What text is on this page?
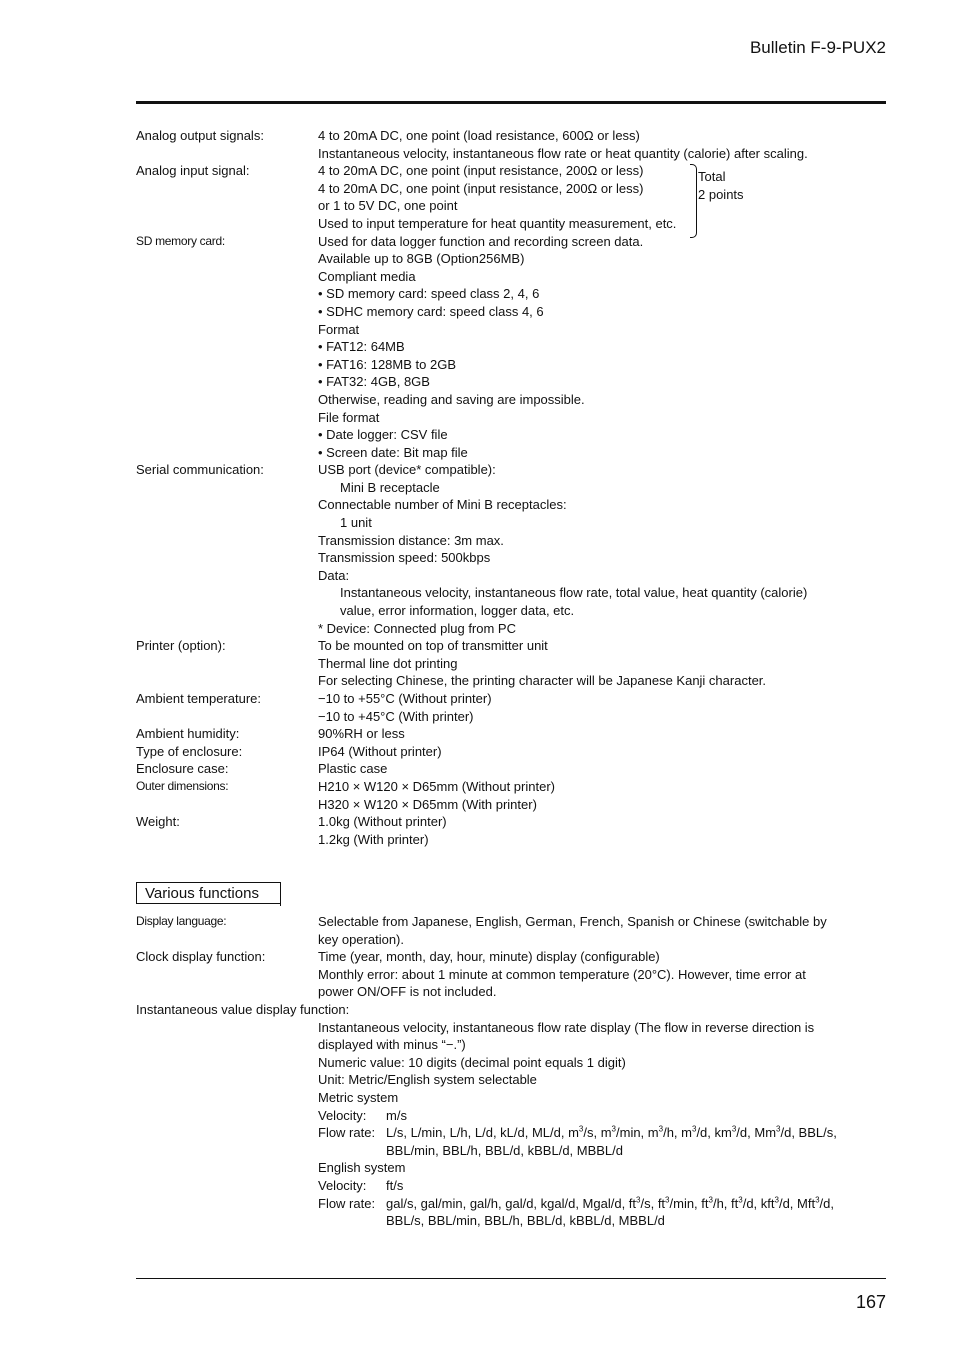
Bulletin F-9-PUX2
Analog output signals:	4 to 20mA DC, one point (load resistance, 600Ω or less)
Instantaneous velocity, instantaneous flow rate or heat quantity (calorie) after scaling.
Analog input signal:	4 to 20mA DC, one point (input resistance, 200Ω or less)
4 to 20mA DC, one point (input resistance, 200Ω or less)
or 1 to 5V DC, one point
Used to input temperature for heat quantity measurement, etc.
SD memory card:	Used for data logger function and recording screen data.
Available up to 8GB (Option256MB)
Compliant media
• SD memory card: speed class 2, 4, 6
• SDHC memory card: speed class 4, 6
Format
• FAT12: 64MB
• FAT16: 128MB to 2GB
• FAT32: 4GB, 8GB
Otherwise, reading and saving are impossible.
File format
• Date logger: CSV file
• Screen date: Bit map file
Serial communication:	USB port (device* compatible):
Mini B receptacle
Connectable number of Mini B receptacles:
1 unit
Transmission distance: 3m max.
Transmission speed: 500kbps
Data:
Instantaneous velocity, instantaneous flow rate, total value, heat quantity (calorie)
value, error information, logger data, etc.
* Device: Connected plug from PC
Printer (option):	To be mounted on top of transmitter unit
Thermal line dot printing
For selecting Chinese, the printing character will be Japanese Kanji character.
Ambient temperature:	−10 to +55°C (Without printer)
−10 to +45°C (With printer)
Ambient humidity:	90%RH or less
Type of enclosure:	IP64 (Without printer)
Enclosure case:	Plastic case
Outer dimensions:	H210 × W120 × D65mm (Without printer)
H320 × W120 × D65mm (With printer)
Weight:	1.0kg (Without printer)
1.2kg (With printer)
Total
2 points
Various functions
Display language:	Selectable from Japanese, English, German, French, Spanish or Chinese (switchable by
key operation).
Clock display function:	Time (year, month, day, hour, minute) display (configurable)
Monthly error: about 1 minute at common temperature (20°C). However, time error at
power ON/OFF is not included.
Instantaneous value display function:
Instantaneous velocity, instantaneous flow rate display (The flow in reverse direction is
displayed with minus “−.”)
Numeric value: 10 digits (decimal point equals 1 digit)
Unit: Metric/English system selectable
Metric system
Velocity:	m/s
Flow rate: L/s, L/min, L/h, L/d, kL/d, ML/d, $m^3/s$, $m^3/\min$, $m^3/h$, $m^3/d$, $km^3/d$, Mm$^3$/d, BBL/s,
BBL/min, BBL/h, BBL/d, kBBL/d, MBBL/d
English system
Velocity:	ft/s
Flow rate: gal/s, gal/min, gal/h, gal/d, kgal/d, Mgal/d, $ft^3/s$, $ft^3/\min$, $ft^3/h$, $ft^3/d$, kft$^3$/d, Mft$^3$/d,
BBL/s, BBL/min, BBL/h, BBL/d, kBBL/d, MBBL/d
167
